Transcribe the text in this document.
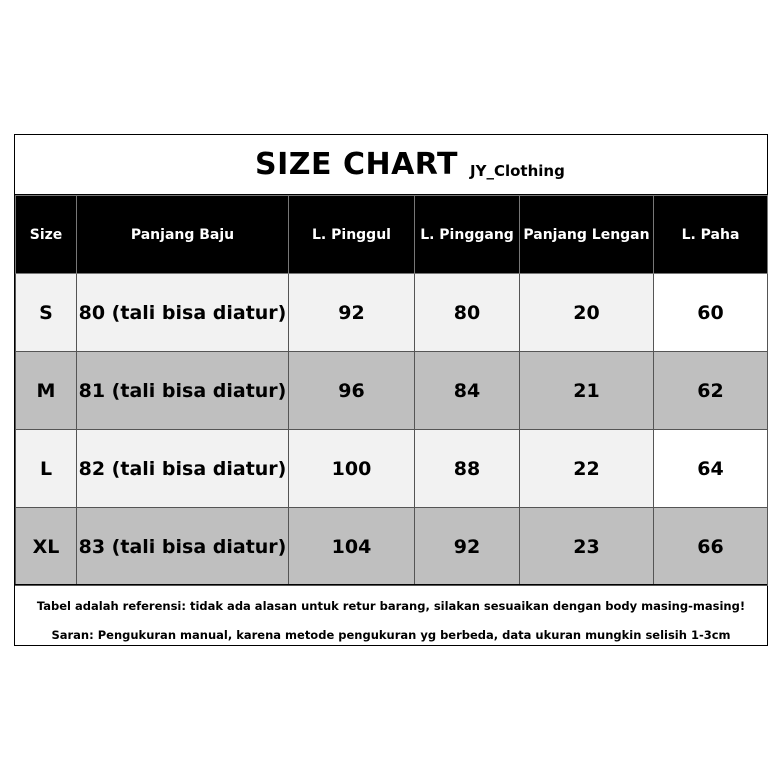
SIZE CHART JY_Clothing
Size	Panjang Baju	L. Pinggul	L. Pinggang	Panjang Lengan	L. Paha
S	80 (tali bisa diatur)	92	80	20	60
M	81 (tali bisa diatur)	96	84	21	62
L	82 (tali bisa diatur)	100	88	22	64
XL	83 (tali bisa diatur)	104	92	23	66
Tabel adalah referensi: tidak ada alasan untuk retur barang, silakan sesuaikan dengan body masing-masing!
Saran: Pengukuran manual, karena metode pengukuran yg berbeda, data ukuran mungkin selisih 1-3cm
